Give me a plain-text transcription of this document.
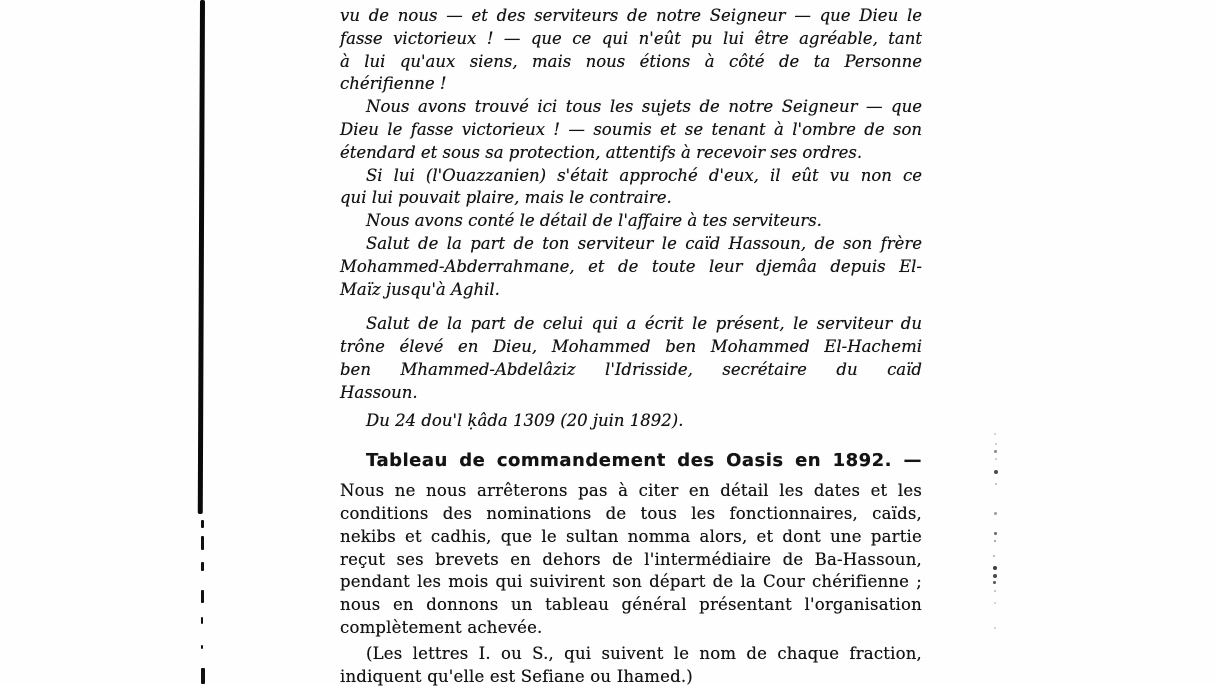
vu de nous — et des serviteurs de notre Seigneur — que Dieu le
fasse victorieux ! — que ce qui n'eût pu lui être agréable, tant
à lui qu'aux siens, mais nous étions à côté de ta Personne
chérifienne !
Nous avons trouvé ici tous les sujets de notre Seigneur — que
Dieu le fasse victorieux ! — soumis et se tenant à l'ombre de son
étendard et sous sa protection, attentifs à recevoir ses ordres.
Si lui (l'Ouazzanien) s'était approché d'eux, il eût vu non ce
qui lui pouvait plaire, mais le contraire.
Nous avons conté le détail de l'affaire à tes serviteurs.
Salut de la part de ton serviteur le caïd Hassoun, de son frère
Mohammed-Abderrahmane, et de toute leur djemâa depuis El-
Maïz jusqu'à Aghil.
Salut de la part de celui qui a écrit le présent, le serviteur du
trône élevé en Dieu, Mohammed ben Mohammed El-Hachemi
ben Mhammed-Abdelâziz l'Idrisside, secrétaire du caïd
Hassoun.
Du 24 dou'l ḳâda 1309 (20 juin 1892).
Tableau de commandement des Oasis en 1892. —
Nous ne nous arrêterons pas à citer en détail les dates et les
conditions des nominations de tous les fonctionnaires, caïds,
nekibs et cadhis, que le sultan nomma alors, et dont une partie
reçut ses brevets en dehors de l'intermédiaire de Ba-Hassoun,
pendant les mois qui suivirent son départ de la Cour chérifienne ;
nous en donnons un tableau général présentant l'organisation
complètement achevée.
(Les lettres I. ou S., qui suivent le nom de chaque fraction,
indiquent qu'elle est Sefiane ou Ihamed.)
